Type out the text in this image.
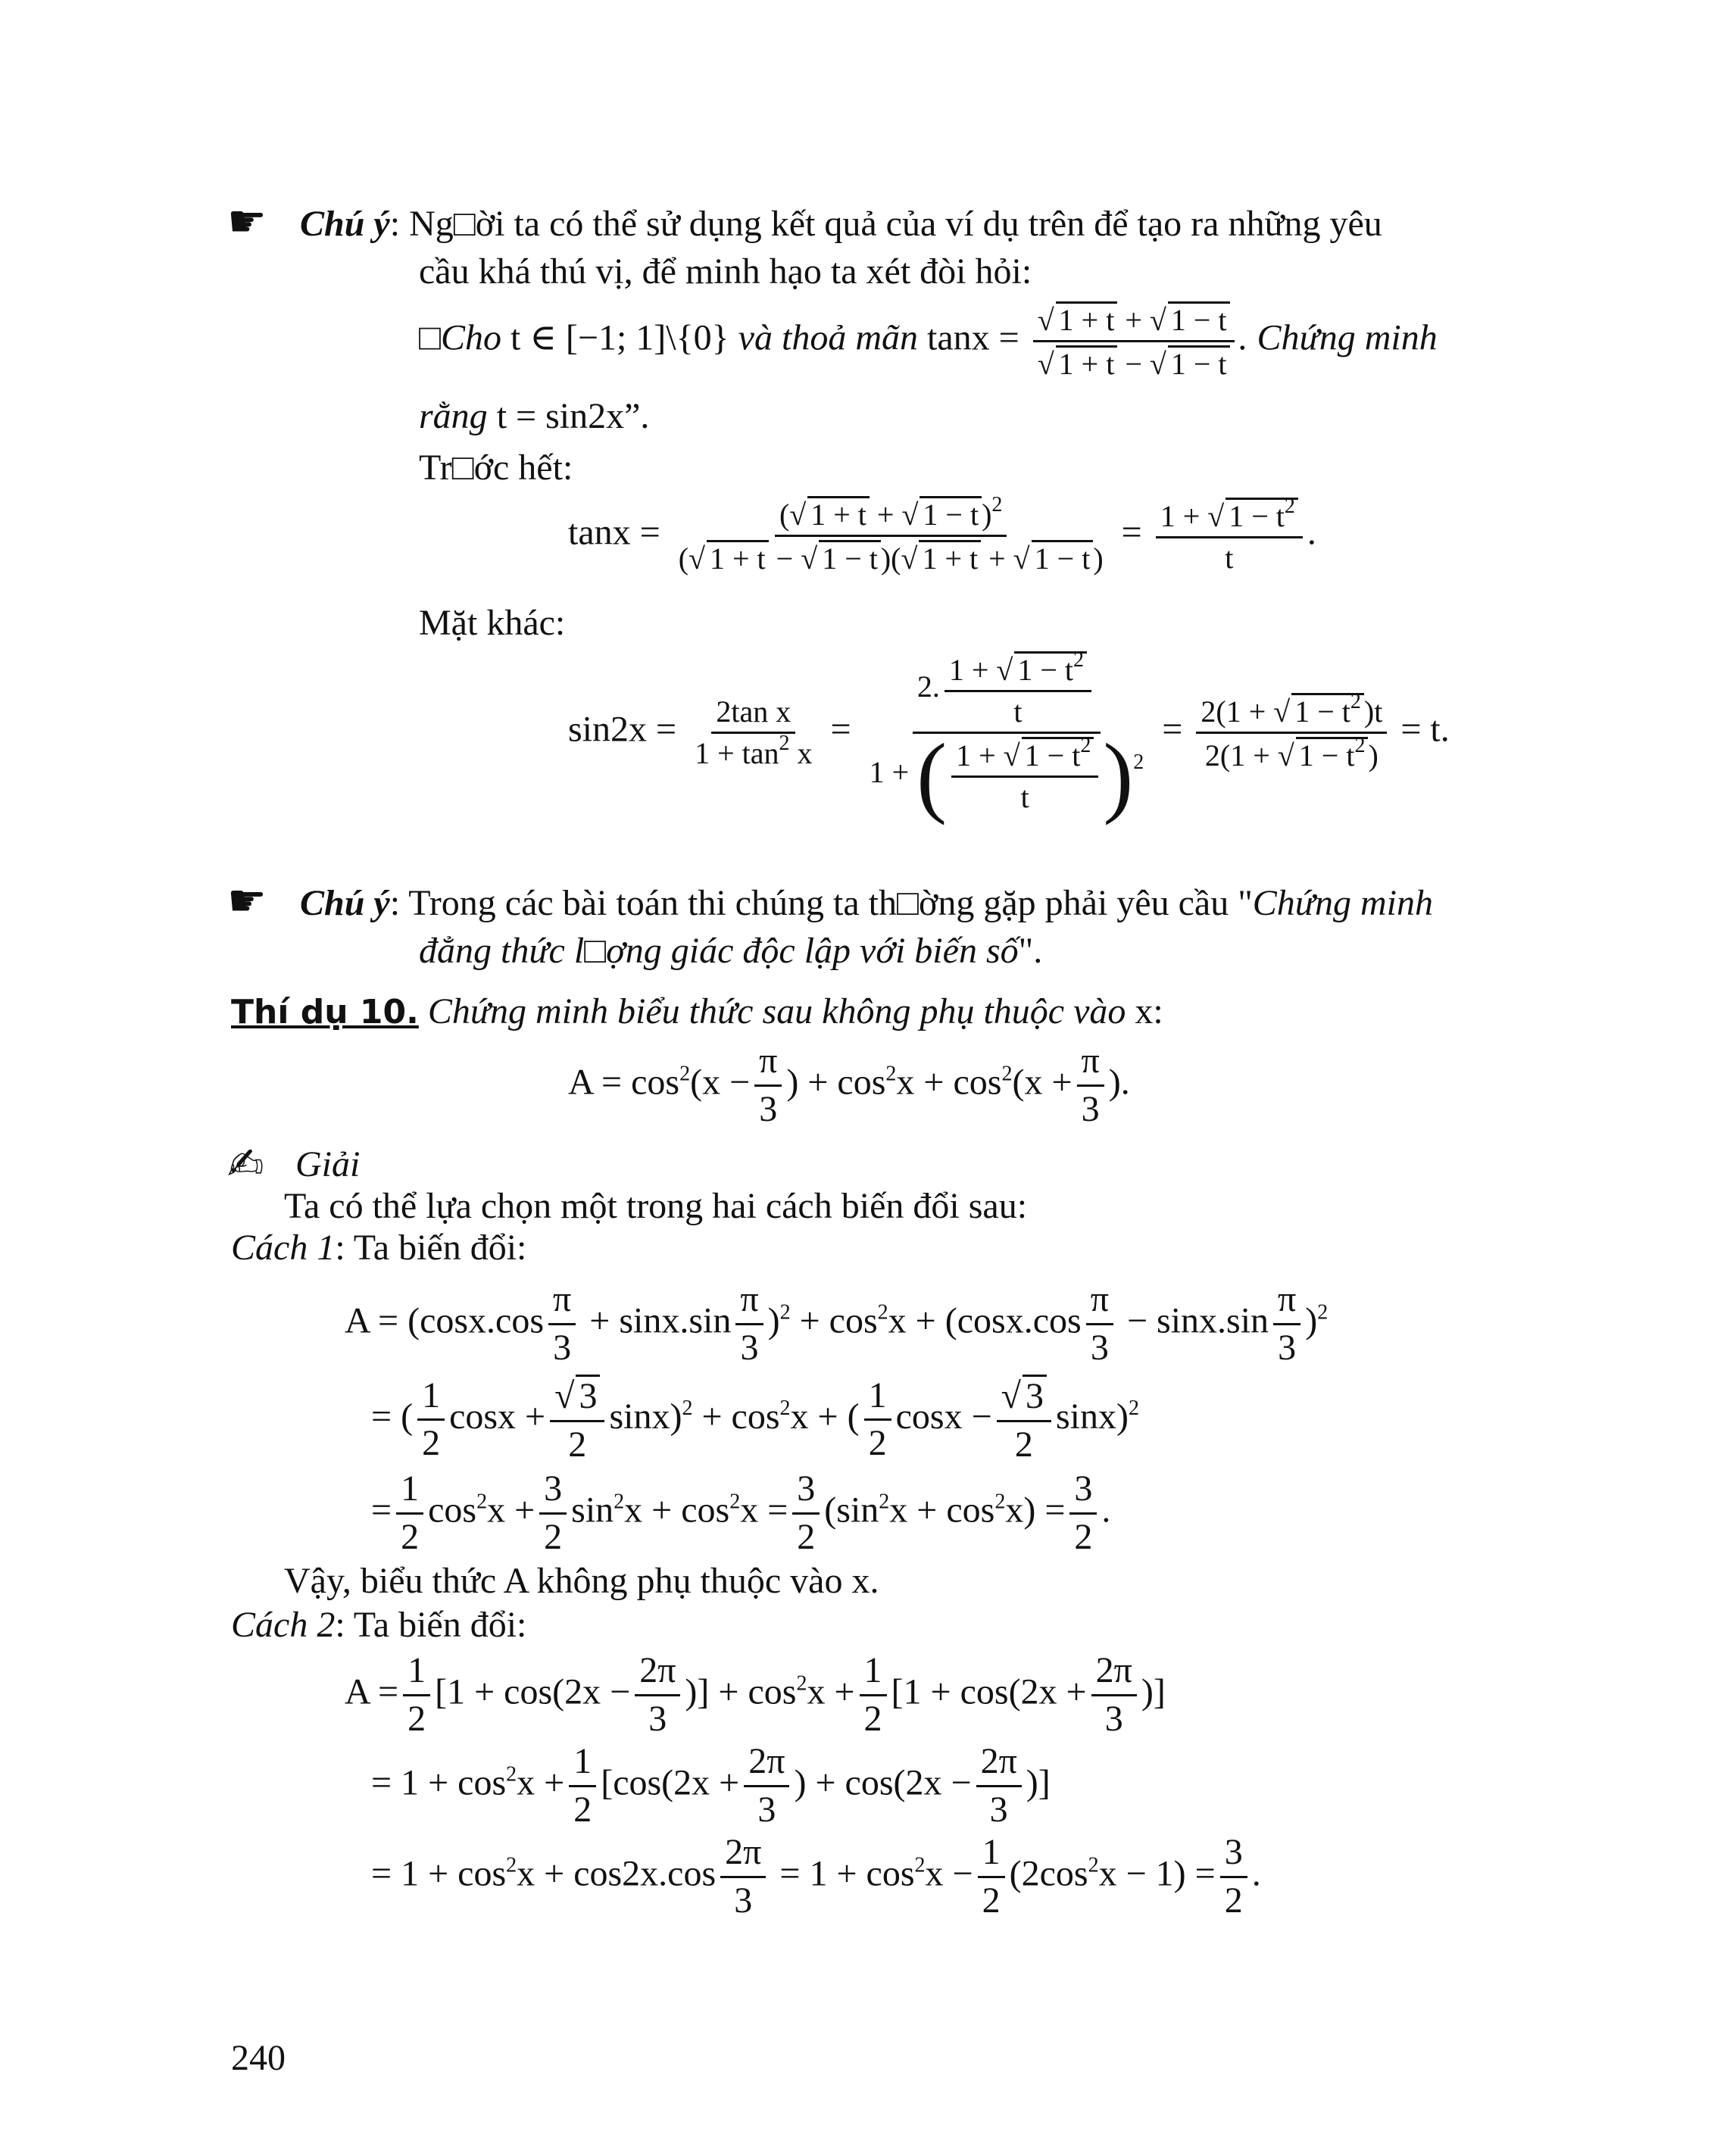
☛ Chú ý: Ng□ời ta có thể sử dụng kết quả của ví dụ trên để tạo ra những yêu
cầu khá thú vị, để minh hạo ta xét đòi hỏi:
□Cho t ∈ [−1; 1]\{0} và thoả mãn $\tan x = \frac{√ 1 + t + √ 1 - t}{√ 1 + t - √ 1 - t}$ . Chứng minh
rằng t = sin2x”.
Tr□ớc hết:
$\tan x = \frac{(√ 1 + t + √ 1 - t )^2}{(√ 1 + t - √ 1 - t )(√ 1 + t + √ 1 - t )} = \frac{1 + √ 1 - t^2}{t}$ .
Mặt khác:
$\sin 2x = \frac{\text{2tan x}}{1 + \tan^2 x} = \frac{2. \frac{1 + √ 1 - t^2}{t}}{1 + ( \frac{1 + √ 1 - t^2}{t} )^2} = \frac{2(1 + √ 1 - t^2 )t}{2(1 + √ 1 - t^2 )} = t$.
☛ Chú ý: Trong các bài toán thi chúng ta th□ờng gặp phải yêu cầu "Chứng minh
đẳng thức l□ợng giác độc lập với biến số".
Thí dụ 10. Chứng minh biểu thức sau không phụ thuộc vào x:
$A = \cos^2(x - \frac{\pi}{3}$ ) + $\cos^2x + \cos^2(x + \frac{\pi}{3}$ ).
✍ Giải
Ta có thể lựa chọn một trong hai cách biến đổi sau:
Cách 1: Ta biến đổi:
$A = (\cos x.\cos \frac{\pi}{3} + \sin x.\sin \frac{\pi}{3} )^2 + \cos^2x + (\cos x.\cos \frac{\pi}{3} - \sin x.\sin \frac{\pi}{3} )^2$
= ( $\frac{1}{2}$ $\cos x + \frac{√ 3}{2} \sin x)^2 + \cos^2x$ + ( $\frac{1}{2}$ $\cos x - \frac{√ 3}{2} \sin x)^2$
= $\frac{1}{2} \cos^2x + \frac{3}{2} \sin^2x + \cos^2x = \frac{3}{2} (\sin^2x + \cos^2x) = \frac{3}{2}$ .
Vậy, biểu thức A không phụ thuộc vào x.
Cách 2: Ta biến đổi:
$A = \frac{1}{2} [1 + \cos(2x - \frac{2\pi}{3}$ )] + $\cos^2x + \frac{1}{2} [1 + \cos(2x + \frac{2\pi}{3}$ )]
= $1 + \cos^2x + \frac{1}{2} [\cos(2x + \frac{2\pi}{3}$ ) + $\cos(2x - \frac{2\pi}{3}$ )]
= $1 + \cos^2x + \cos 2x.\cos \frac{2\pi}{3} = 1 + \cos^2x - \frac{1}{2} (2\cos^2x - 1) = \frac{3}{2}$ .
240
